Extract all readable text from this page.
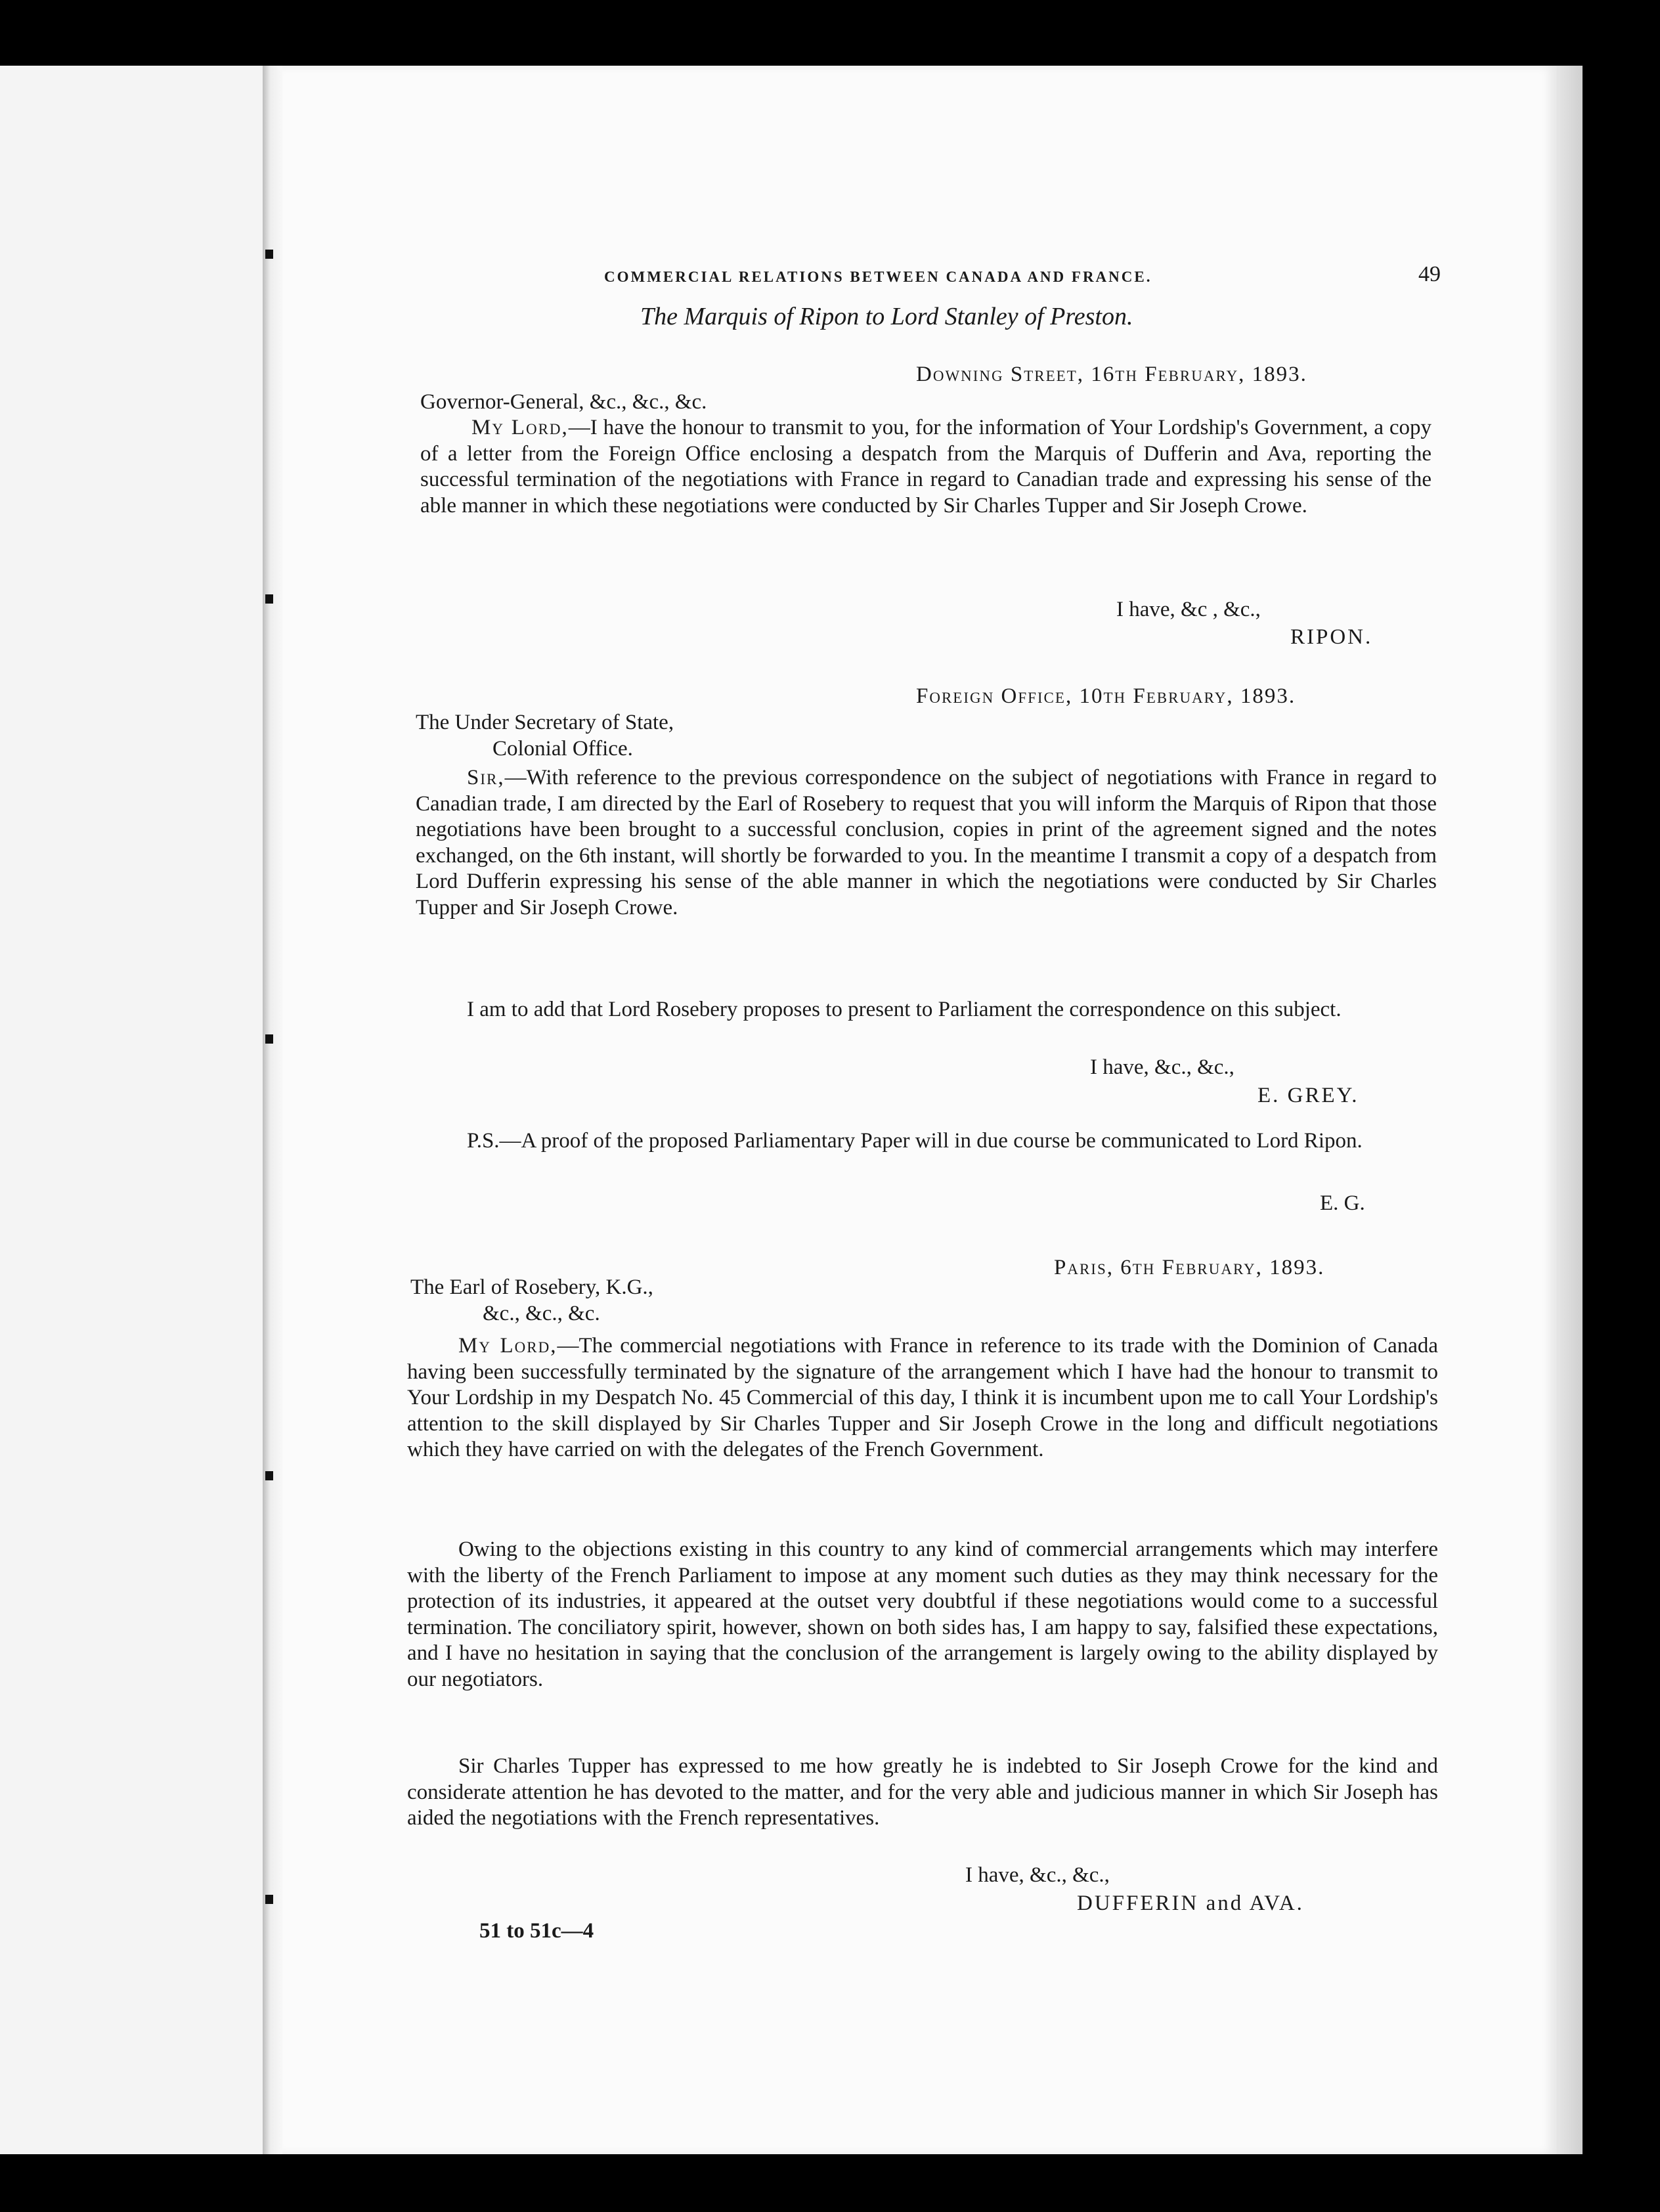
COMMERCIAL RELATIONS BETWEEN CANADA AND FRANCE.	49
The Marquis of Ripon to Lord Stanley of Preston.
Downing Street, 16th February, 1893.
Governor-General, &c., &c., &c.
My Lord,—I have the honour to transmit to you, for the information of Your Lordship's Government, a copy of a letter from the Foreign Office enclosing a despatch from the Marquis of Dufferin and Ava, reporting the successful termination of the negotiations with France in regard to Canadian trade and expressing his sense of the able manner in which these negotiations were conducted by Sir Charles Tupper and Sir Joseph Crowe.
I have, &c , &c.,
RIPON.
Foreign Office, 10th February, 1893.
The Under Secretary of State,
Colonial Office.
Sir,—With reference to the previous correspondence on the subject of negotiations with France in regard to Canadian trade, I am directed by the Earl of Rosebery to request that you will inform the Marquis of Ripon that those negotiations have been brought to a successful conclusion, copies in print of the agreement signed and the notes exchanged, on the 6th instant, will shortly be forwarded to you. In the meantime I transmit a copy of a despatch from Lord Dufferin expressing his sense of the able manner in which the negotiations were conducted by Sir Charles Tupper and Sir Joseph Crowe.
I am to add that Lord Rosebery proposes to present to Parliament the correspondence on this subject.
I have, &c., &c.,
E. GREY.
P.S.—A proof of the proposed Parliamentary Paper will in due course be communicated to Lord Ripon.
E. G.
Paris, 6th February, 1893.
The Earl of Rosebery, K.G.,
&c., &c., &c.
My Lord,—The commercial negotiations with France in reference to its trade with the Dominion of Canada having been successfully terminated by the signature of the arrangement which I have had the honour to transmit to Your Lordship in my Despatch No. 45 Commercial of this day, I think it is incumbent upon me to call Your Lordship's attention to the skill displayed by Sir Charles Tupper and Sir Joseph Crowe in the long and difficult negotiations which they have carried on with the delegates of the French Government.
Owing to the objections existing in this country to any kind of commercial arrangements which may interfere with the liberty of the French Parliament to impose at any moment such duties as they may think necessary for the protection of its industries, it appeared at the outset very doubtful if these negotiations would come to a successful termination. The conciliatory spirit, however, shown on both sides has, I am happy to say, falsified these expectations, and I have no hesitation in saying that the conclusion of the arrangement is largely owing to the ability displayed by our negotiators.
Sir Charles Tupper has expressed to me how greatly he is indebted to Sir Joseph Crowe for the kind and considerate attention he has devoted to the matter, and for the very able and judicious manner in which Sir Joseph has aided the negotiations with the French representatives.
I have, &c., &c.,
DUFFERIN and AVA.
51 to 51c—4
